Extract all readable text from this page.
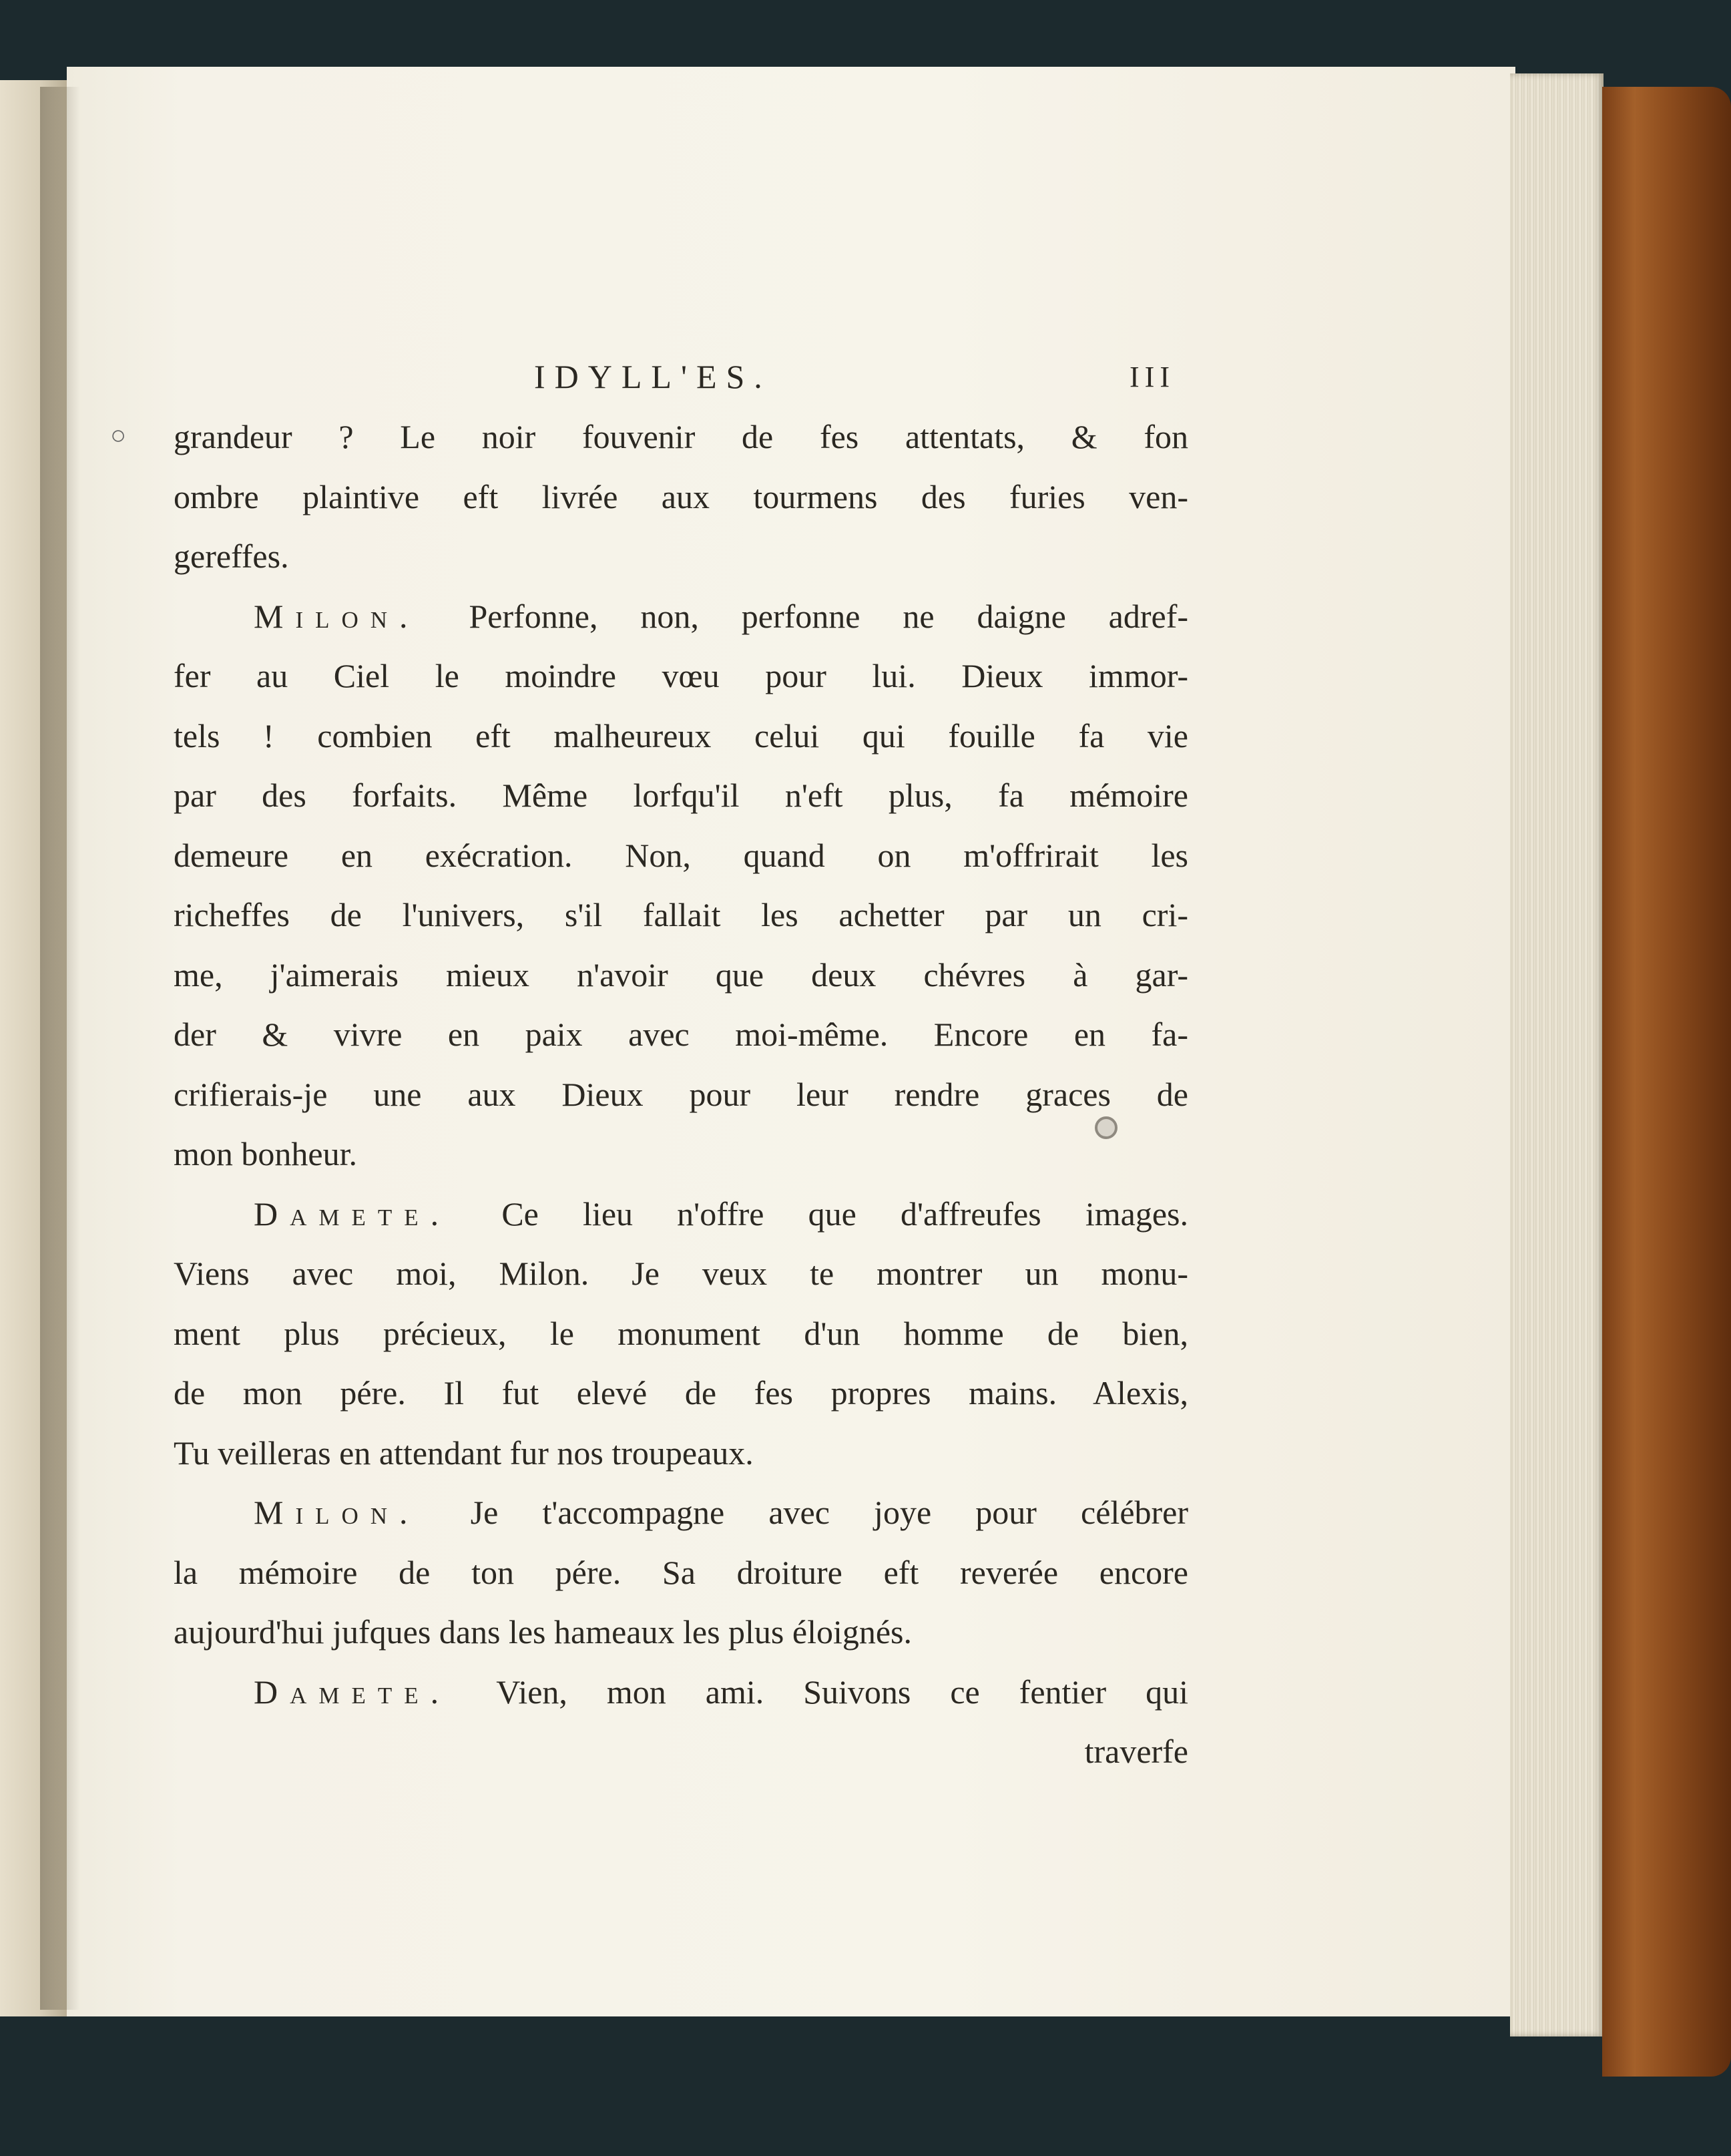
○
IDYLL'ES.	III
grandeur ? Le noir fouvenir de fes attentats, & fon
ombre plaintive eft livrée aux tourmens des furies ven-
gereffes.
Milon. Perfonne, non, perfonne ne daigne adref-
fer au Ciel le moindre vœu pour lui. Dieux immor-
tels ! combien eft malheureux celui qui fouille fa vie
par des forfaits. Même lorfqu'il n'eft plus, fa mémoire
demeure en exécration. Non, quand on m'offrirait les
richeffes de l'univers, s'il fallait les achetter par un cri-
me, j'aimerais mieux n'avoir que deux chévres à gar-
der & vivre en paix avec moi-même. Encore en fa-
crifierais-je une aux Dieux pour leur rendre graces de
mon bonheur.
Damete. Ce lieu n'offre que d'affreufes images.
Viens avec moi, Milon. Je veux te montrer un monu-
ment plus précieux, le monument d'un homme de bien,
de mon pére. Il fut elevé de fes propres mains. Alexis,
Tu veilleras en attendant fur nos troupeaux.
Milon. Je t'accompagne avec joye pour célébrer
la mémoire de ton pére. Sa droiture eft reverée encore
aujourd'hui jufques dans les hameaux les plus éloignés.
Damete. Vien, mon ami. Suivons ce fentier qui
traverfe
